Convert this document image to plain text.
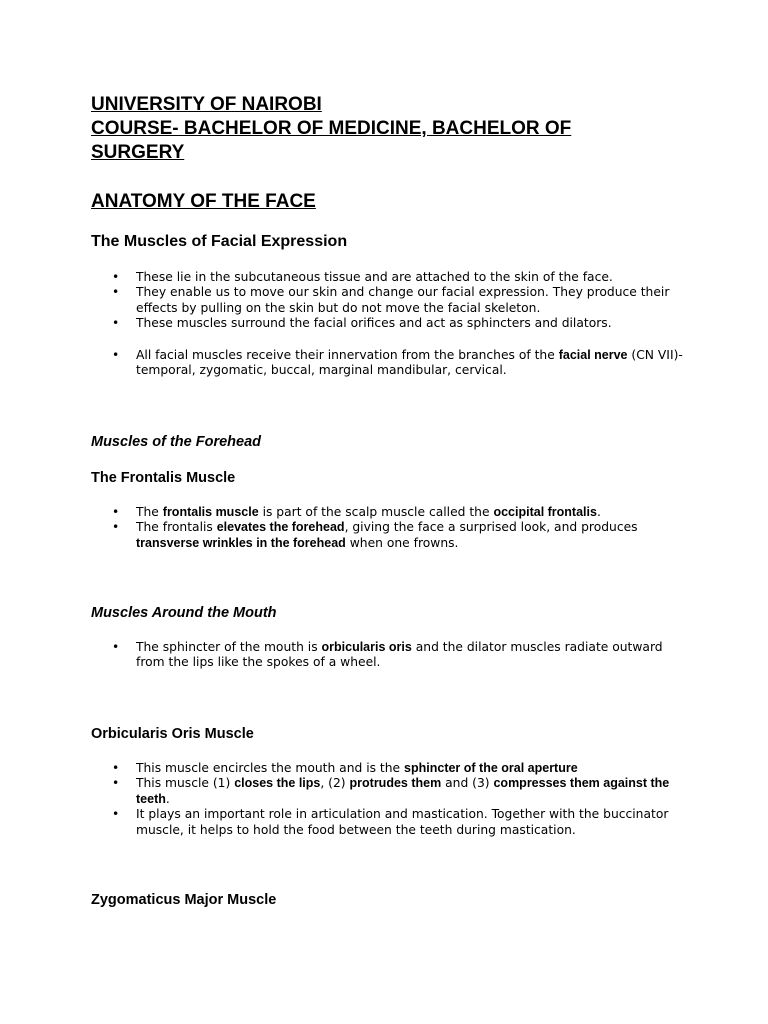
UNIVERSITY OF NAIROBI
COURSE- BACHELOR OF MEDICINE, BACHELOR OF SURGERY
ANATOMY OF THE FACE
The Muscles of Facial Expression
• These lie in the subcutaneous tissue and are attached to the skin of the face.
• They enable us to move our skin and change our facial expression. They produce their effects by pulling on the skin but do not move the facial skeleton.
• These muscles surround the facial orifices and act as sphincters and dilators.
• All facial muscles receive their innervation from the branches of the facial nerve (CN VII)-temporal, zygomatic, buccal, marginal mandibular, cervical.
Muscles of the Forehead
The Frontalis Muscle
• The frontalis muscle is part of the scalp muscle called the occipital frontalis.
• The frontalis elevates the forehead, giving the face a surprised look, and produces transverse wrinkles in the forehead when one frowns.
Muscles Around the Mouth
• The sphincter of the mouth is orbicularis oris and the dilator muscles radiate outward from the lips like the spokes of a wheel.
Orbicularis Oris Muscle
• This muscle encircles the mouth and is the sphincter of the oral aperture
• This muscle (1) closes the lips, (2) protrudes them and (3) compresses them against the teeth.
• It plays an important role in articulation and mastication. Together with the buccinator muscle, it helps to hold the food between the teeth during mastication.
Zygomaticus Major Muscle
